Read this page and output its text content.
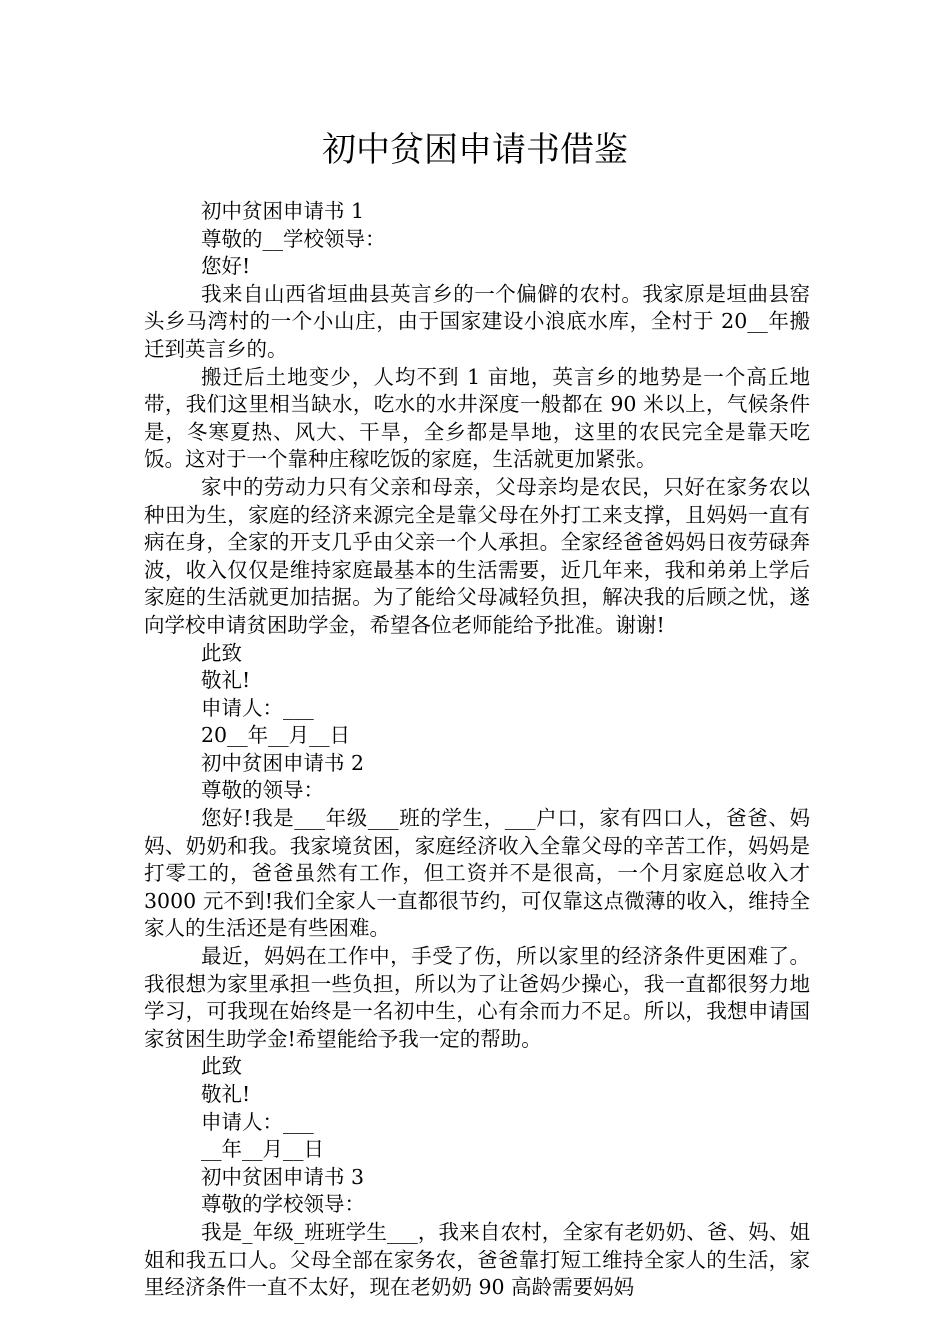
初中贫困申请书借鉴

初中贫困申请书 1

尊敬的__学校领导：

您好!

我来自山西省垣曲县英言乡的一个偏僻的农村。我家原是垣曲县窑头乡马湾村的一个小山庄，由于国家建设小浪底水库，全村于 20__年搬迁到英言乡的。

搬迁后土地变少，人均不到 1 亩地，英言乡的地势是一个高丘地带，我们这里相当缺水，吃水的水井深度一般都在 90 米以上，气候条件是，冬寒夏热、风大、干旱，全乡都是旱地，这里的农民完全是靠天吃饭。这对于一个靠种庄稼吃饭的家庭，生活就更加紧张。

家中的劳动力只有父亲和母亲，父母亲均是农民，只好在家务农以种田为生，家庭的经济来源完全是靠父母在外打工来支撑，且妈妈一直有病在身，全家的开支几乎由父亲一个人承担。全家经爸爸妈妈日夜劳碌奔波，收入仅仅是维持家庭最基本的生活需要，近几年来，我和弟弟上学后家庭的生活就更加拮据。为了能给父母减轻负担，解决我的后顾之忧，遂向学校申请贫困助学金，希望各位老师能给予批准。谢谢!

此致

敬礼!

申请人：___

20__年__月__日

初中贫困申请书 2

尊敬的领导：

您好!我是___年级___班的学生，___户口，家有四口人，爸爸、妈妈、奶奶和我。我家境贫困，家庭经济收入全靠父母的辛苦工作，妈妈是打零工的，爸爸虽然有工作，但工资并不是很高，一个月家庭总收入才 3000 元不到!我们全家人一直都很节约，可仅靠这点微薄的收入，维持全家人的生活还是有些困难。

最近，妈妈在工作中，手受了伤，所以家里的经济条件更困难了。我很想为家里承担一些负担，所以为了让爸妈少操心，我一直都很努力地学习，可我现在始终是一名初中生，心有余而力不足。所以，我想申请国家贫困生助学金!希望能给予我一定的帮助。

此致

敬礼!

申请人：___

__年__月__日

初中贫困申请书 3

尊敬的学校领导：

我是_年级_班班学生___，我来自农村，全家有老奶奶、爸、妈、姐姐和我五口人。父母全部在家务农，爸爸靠打短工维持全家人的生活，家里经济条件一直不太好，现在老奶奶 90 高龄需要妈妈
